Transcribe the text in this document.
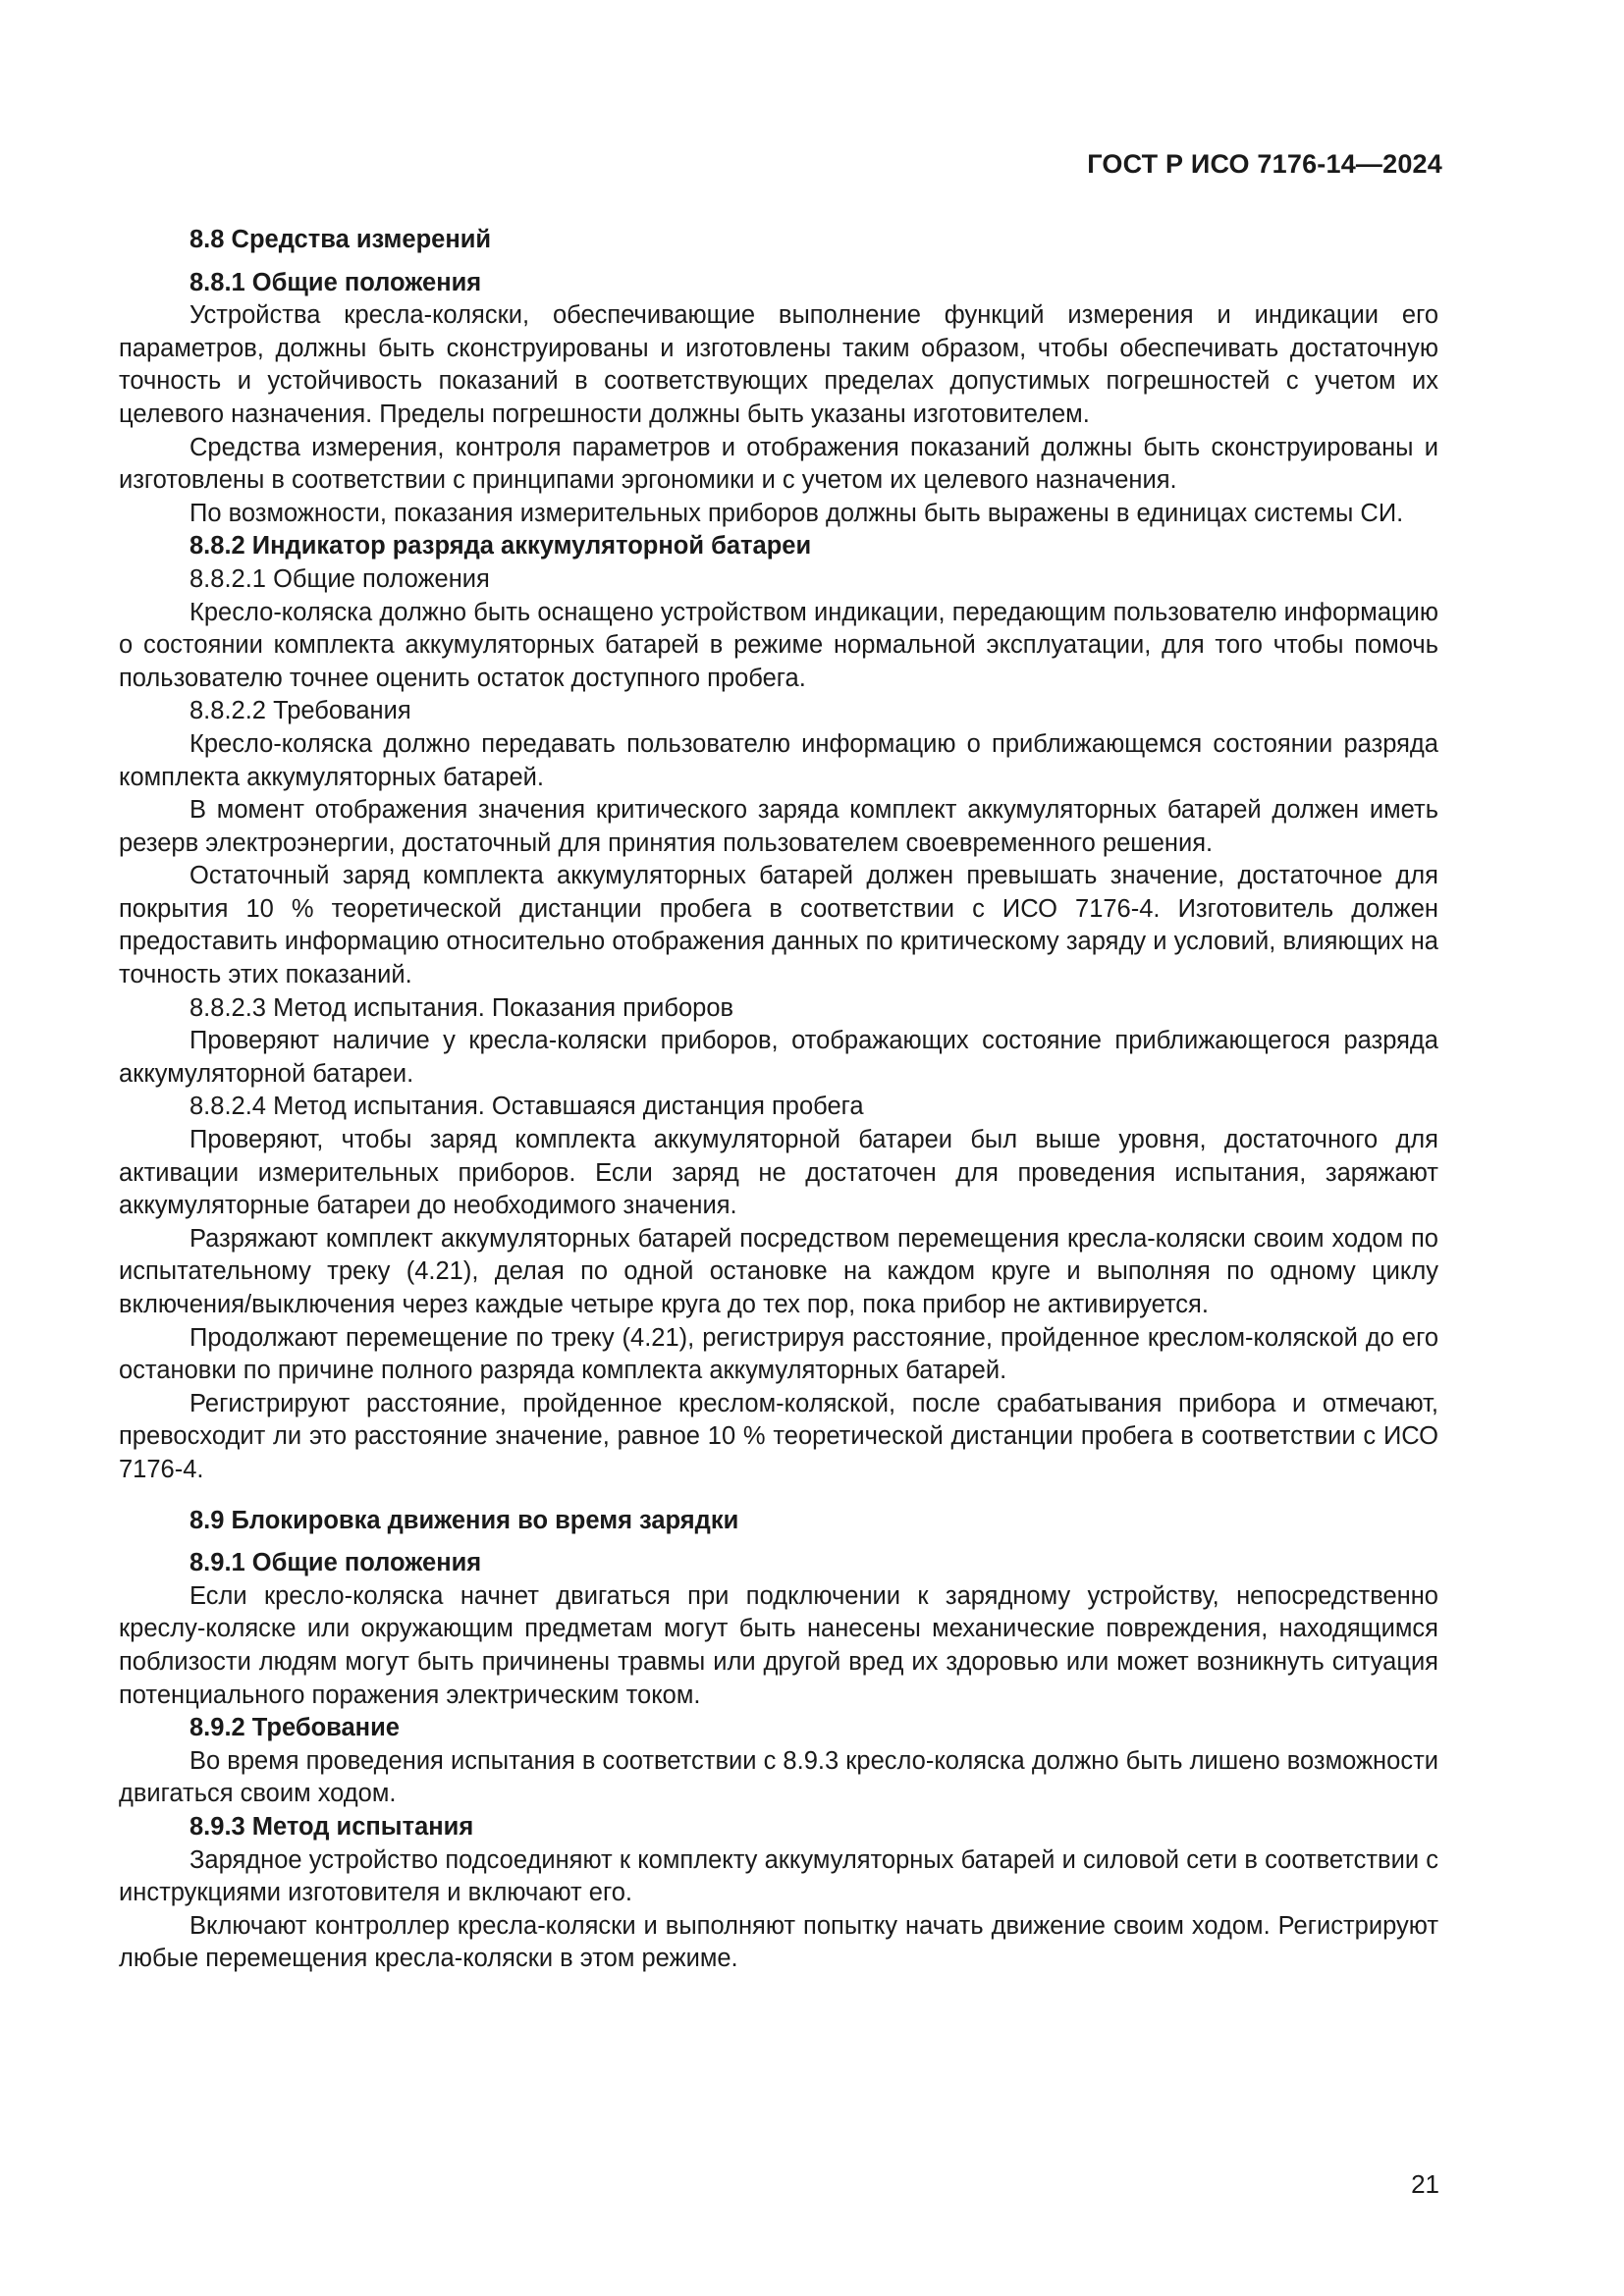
ГОСТ Р ИСО 7176-14—2024

8.8 Средства измерений

8.8.1 Общие положения

Устройства кресла-коляски, обеспечивающие выполнение функций измерения и индикации его параметров, должны быть сконструированы и изготовлены таким образом, чтобы обеспечивать достаточную точность и устойчивость показаний в соответствующих пределах допустимых погрешностей с учетом их целевого назначения. Пределы погрешности должны быть указаны изготовителем.

Средства измерения, контроля параметров и отображения показаний должны быть сконструированы и изготовлены в соответствии с принципами эргономики и с учетом их целевого назначения.

По возможности, показания измерительных приборов должны быть выражены в единицах системы СИ.

8.8.2 Индикатор разряда аккумуляторной батареи

8.8.2.1 Общие положения

Кресло-коляска должно быть оснащено устройством индикации, передающим пользователю информацию о состоянии комплекта аккумуляторных батарей в режиме нормальной эксплуатации, для того чтобы помочь пользователю точнее оценить остаток доступного пробега.

8.8.2.2 Требования

Кресло-коляска должно передавать пользователю информацию о приближающемся состоянии разряда комплекта аккумуляторных батарей.

В момент отображения значения критического заряда комплект аккумуляторных батарей должен иметь резерв электроэнергии, достаточный для принятия пользователем своевременного решения.

Остаточный заряд комплекта аккумуляторных батарей должен превышать значение, достаточное для покрытия 10 % теоретической дистанции пробега в соответствии с ИСО 7176-4. Изготовитель должен предоставить информацию относительно отображения данных по критическому заряду и условий, влияющих на точность этих показаний.

8.8.2.3 Метод испытания. Показания приборов

Проверяют наличие у кресла-коляски приборов, отображающих состояние приближающегося разряда аккумуляторной батареи.

8.8.2.4 Метод испытания. Оставшаяся дистанция пробега

Проверяют, чтобы заряд комплекта аккумуляторной батареи был выше уровня, достаточного для активации измерительных приборов. Если заряд не достаточен для проведения испытания, заряжают аккумуляторные батареи до необходимого значения.

Разряжают комплект аккумуляторных батарей посредством перемещения кресла-коляски своим ходом по испытательному треку (4.21), делая по одной остановке на каждом круге и выполняя по одному циклу включения/выключения через каждые четыре круга до тех пор, пока прибор не активируется.

Продолжают перемещение по треку (4.21), регистрируя расстояние, пройденное креслом-коляской до его остановки по причине полного разряда комплекта аккумуляторных батарей.

Регистрируют расстояние, пройденное креслом-коляской, после срабатывания прибора и отмечают, превосходит ли это расстояние значение, равное 10 % теоретической дистанции пробега в соответствии с ИСО 7176-4.

8.9 Блокировка движения во время зарядки

8.9.1 Общие положения

Если кресло-коляска начнет двигаться при подключении к зарядному устройству, непосредственно креслу-коляске или окружающим предметам могут быть нанесены механические повреждения, находящимся поблизости людям могут быть причинены травмы или другой вред их здоровью или может возникнуть ситуация потенциального поражения электрическим током.

8.9.2 Требование

Во время проведения испытания в соответствии с 8.9.3 кресло-коляска должно быть лишено возможности двигаться своим ходом.

8.9.3 Метод испытания

Зарядное устройство подсоединяют к комплекту аккумуляторных батарей и силовой сети в соответствии с инструкциями изготовителя и включают его.

Включают контроллер кресла-коляски и выполняют попытку начать движение своим ходом. Регистрируют любые перемещения кресла-коляски в этом режиме.

21
